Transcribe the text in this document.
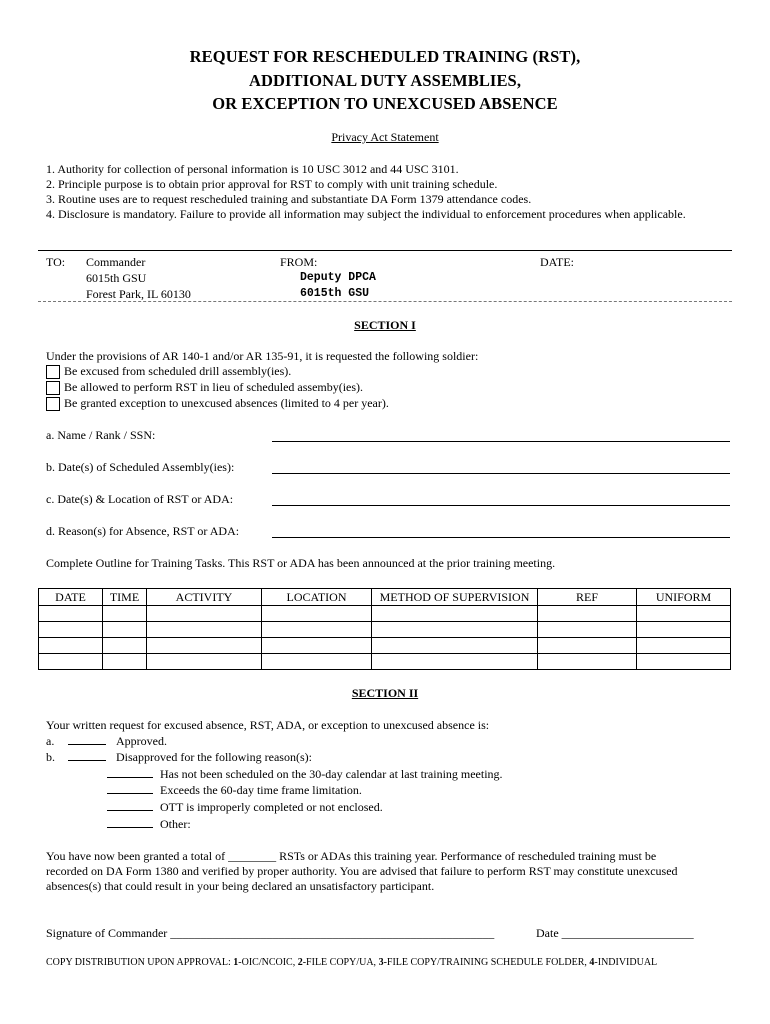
REQUEST FOR RESCHEDULED TRAINING (RST),
ADDITIONAL DUTY ASSEMBLIES,
OR EXCEPTION TO UNEXCUSED ABSENCE
Privacy Act Statement
1. Authority for collection of personal information is 10 USC 3012 and 44 USC 3101.
2. Principle purpose is to obtain prior approval for RST to comply with unit training schedule.
3. Routine uses are to request rescheduled training and substantiate DA Form 1379 attendance codes.
4. Disclosure is mandatory. Failure to provide all information may subject the individual to enforcement procedures when applicable.
TO: Commander
6015th GSU
Forest Park, IL 60130
FROM:
Deputy DPCA
6015th GSU
DATE:
SECTION I
Under the provisions of AR 140-1 and/or AR 135-91, it is requested the following soldier:
Be excused from scheduled drill assembly(ies).
Be allowed to perform RST in lieu of scheduled assemby(ies).
Be granted exception to unexcused absences (limited to 4 per year).
a. Name / Rank / SSN:
b. Date(s) of Scheduled Assembly(ies):
c. Date(s) & Location of RST or ADA:
d. Reason(s) for Absence, RST or ADA:
Complete Outline for Training Tasks. This RST or ADA has been announced at the prior training meeting.
DATE	TIME	ACTIVITY	LOCATION	METHOD OF SUPERVISION	REF	UNIFORM

SECTION II
Your written request for excused absence, RST, ADA, or exception to unexcused absence is:
a.	Approved.
b.	Disapproved for the following reason(s):
Has not been scheduled on the 30-day calendar at last training meeting.
Exceeds the 60-day time frame limitation.
OTT is improperly completed or not enclosed.
Other:
You have now been granted a total of ________ RSTs or ADAs this training year. Performance of rescheduled training must be
recorded on DA Form 1380 and verified by proper authority. You are advised that failure to perform RST may constitute unexcused
absences(s) that could result in your being declared an unsatisfactory participant.
Signature of Commander ______________________________________________________	Date ______________________
COPY DISTRIBUTION UPON APPROVAL: 1-OIC/NCOIC, 2-FILE COPY/UA, 3-FILE COPY/TRAINING SCHEDULE FOLDER, 4-INDIVIDUAL
